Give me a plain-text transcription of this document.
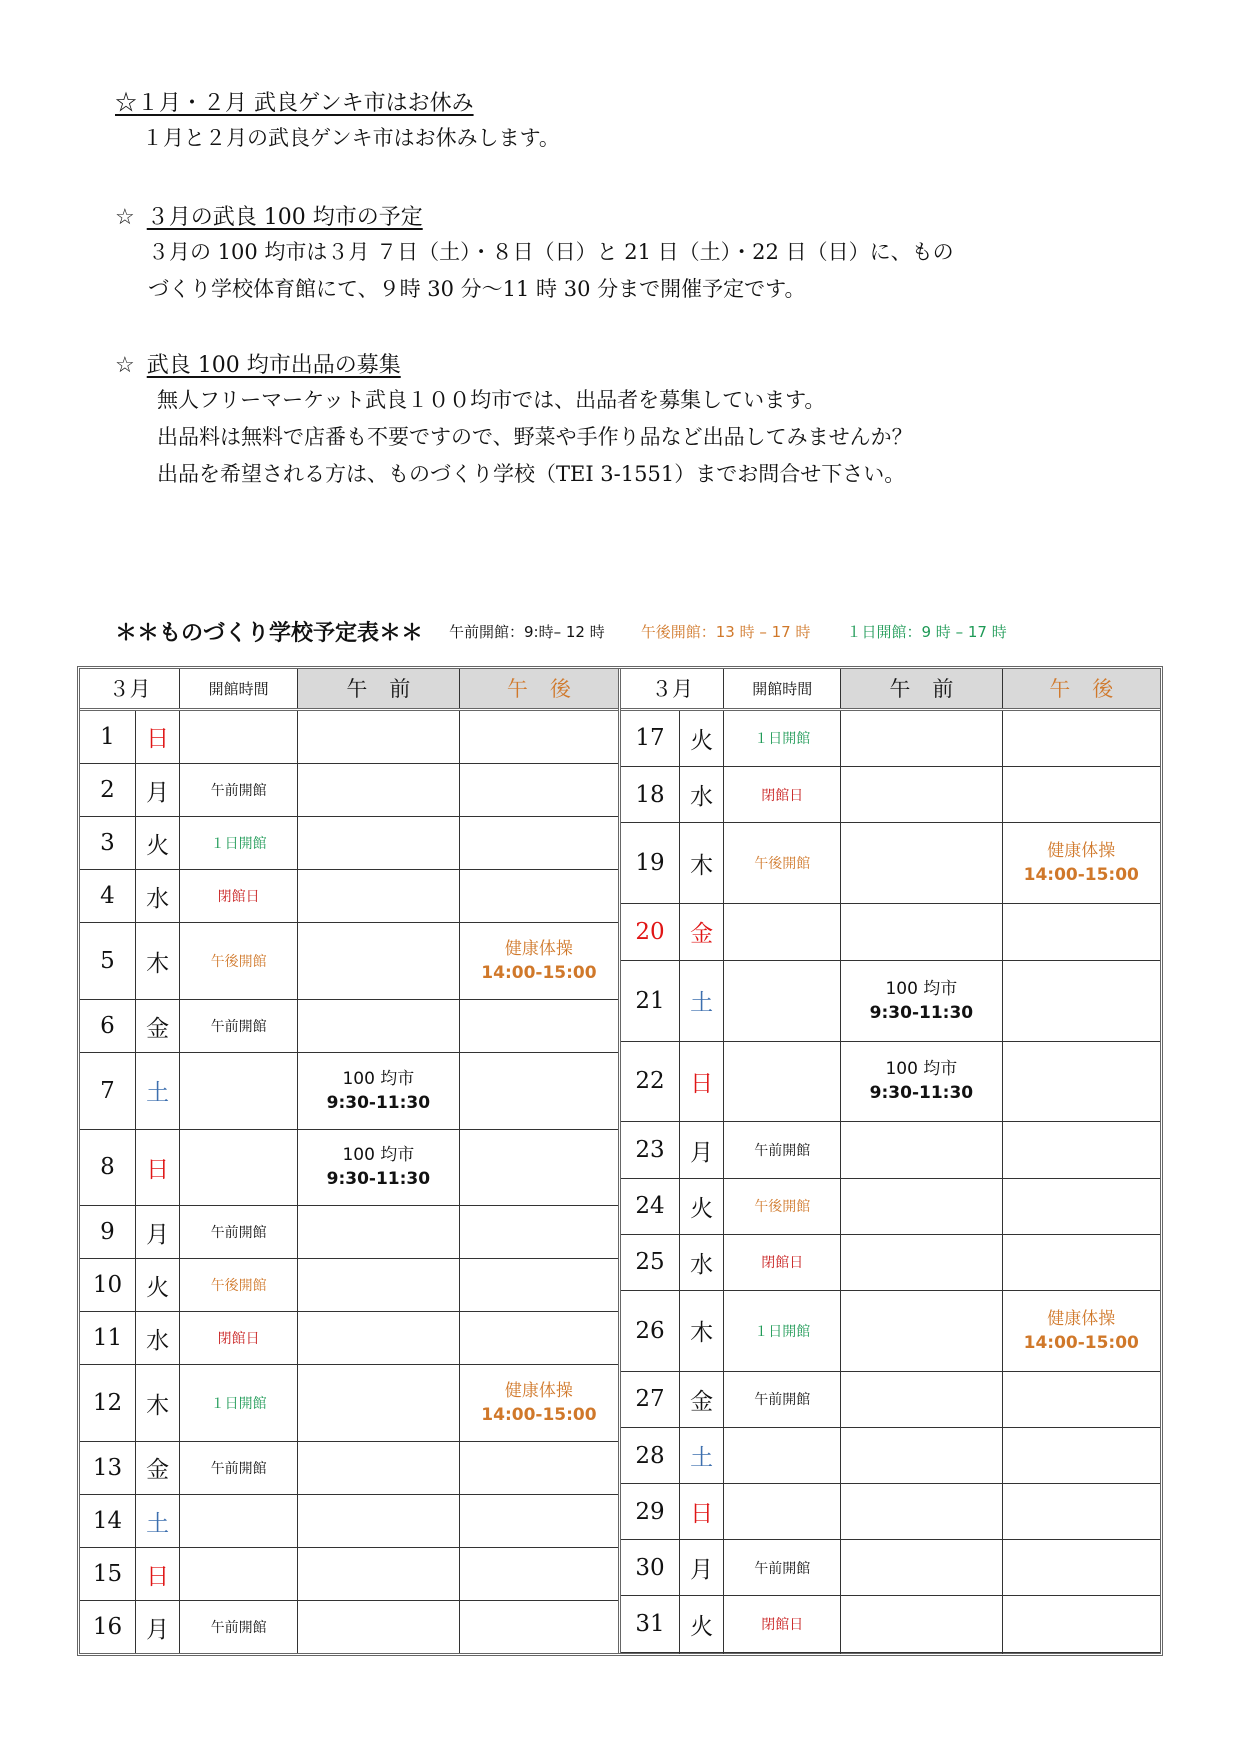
☆１月・２月 武良ゲンキ市はお休み
１月と２月の武良ゲンキ市はお休みします。
☆ ３月の武良 100 均市の予定
３月の 100 均市は３月 ７日（土）・８日（日）と 21 日（土）・22 日（日）に、もの
づくり学校体育館にて、９時 30 分～11 時 30 分まで開催予定です。
☆ 武良 100 均市出品の募集
無人フリーマーケット武良１００均市では、出品者を募集しています。
出品料は無料で店番も不要ですので、野菜や手作り品など出品してみませんか？
出品を希望される方は、ものづくり学校（TEI 3-1551）までお問合せ下さい。
＊＊ものづくり学校予定表＊＊ 午前開館：9:時– 12 時 午後開館：13 時 – 17 時 １日開館：9 時 – 17 時
３月		開館時間	午前	午後
1	日			
2	月	午前開館		
3	火	１日開館		
4	水	閉館日		
5	木	午後開館		健康体操
14:00-15:00

6	金	午前開館		
7	土		100 均市
9:30-11:30	

8	日		100 均市
9:30-11:30	

9	月	午前開館		
10	火	午後開館		
11	水	閉館日		
12	木	１日開館		健康体操
14:00-15:00

13	金	午前開館		
14	土			
15	日			
16	月	午前開館		
３月		開館時間	午前	午後
17	火	１日開館		
18	水	閉館日		
19	木	午後開館		健康体操
14:00-15:00

20	金			
21	土		100 均市
9:30-11:30	

22	日		100 均市
9:30-11:30	

23	月	午前開館		
24	火	午後開館		
25	水	閉館日		
26	木	１日開館		健康体操
14:00-15:00

27	金	午前開館		
28	土			
29	日			
30	月	午前開館		
31	火	閉館日		
